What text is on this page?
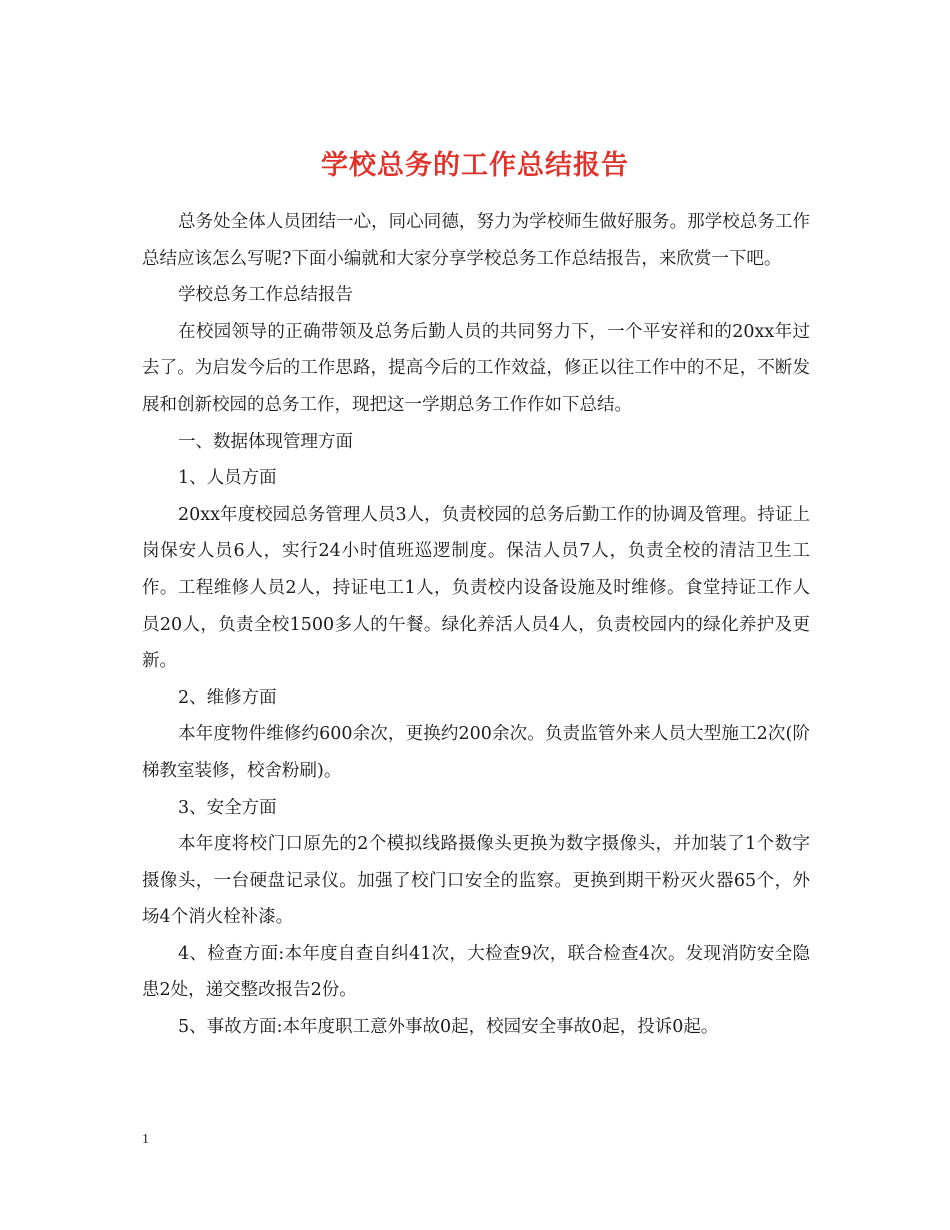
学校总务的工作总结报告

总务处全体人员团结一心，同心同德，努力为学校师生做好服务。那学校总务工作总结应该怎么写呢?下面小编就和大家分享学校总务工作总结报告，来欣赏一下吧。

学校总务工作总结报告

在校园领导的正确带领及总务后勤人员的共同努力下，一个平安祥和的20xx年过去了。为启发今后的工作思路，提高今后的工作效益，修正以往工作中的不足，不断发展和创新校园的总务工作，现把这一学期总务工作作如下总结。

一、数据体现管理方面

1、人员方面

20xx年度校园总务管理人员3人，负责校园的总务后勤工作的协调及管理。持证上岗保安人员6人，实行24小时值班巡逻制度。保洁人员7人，负责全校的清洁卫生工作。工程维修人员2人，持证电工1人，负责校内设备设施及时维修。食堂持证工作人员20人，负责全校1500多人的午餐。绿化养活人员4人，负责校园内的绿化养护及更新。

2、维修方面

本年度物件维修约600余次，更换约200余次。负责监管外来人员大型施工2次(阶梯教室装修，校舍粉刷)。

3、安全方面

本年度将校门口原先的2个模拟线路摄像头更换为数字摄像头，并加装了1个数字摄像头，一台硬盘记录仪。加强了校门口安全的监察。更换到期干粉灭火器65个，外场4个消火栓补漆。

4、检查方面:本年度自查自纠41次，大检查9次，联合检查4次。发现消防安全隐患2处，递交整改报告2份。

5、事故方面:本年度职工意外事故0起，校园安全事故0起，投诉0起。

1
